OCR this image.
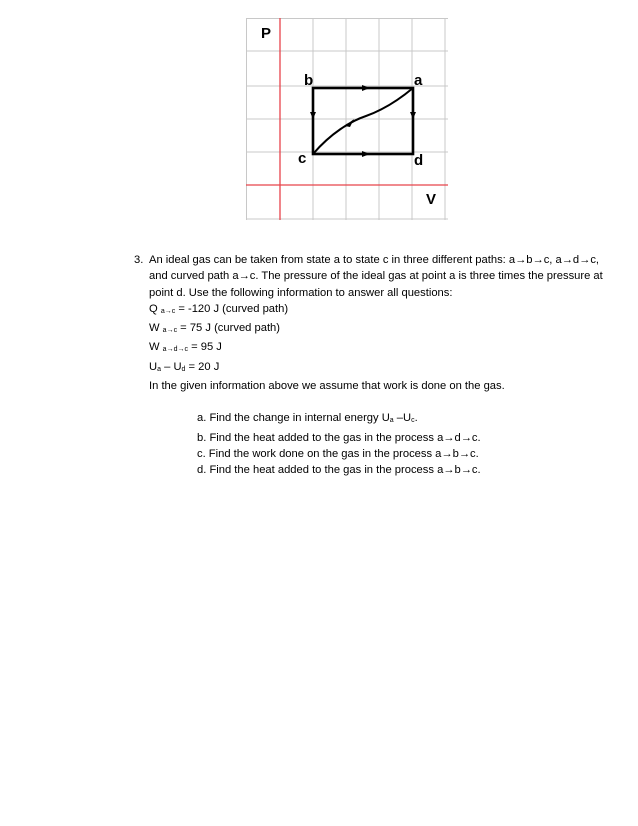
P
V
a
b
c	d
3. An ideal gas can be taken from state a to state c in three different paths: a→b→c, a→d→c, and curved path a→c. The pressure of the ideal gas at point a is three times the pressure at point d. Use the following information to answer all questions:

Q $_{a\to c}$ = -120 J (curved path)
W $_{a\to c}$ = 75 J (curved path)
W $_{a\to d\to c}$ = 95 J
$U_a - U_d = 20$ J

In the given information above we assume that work is done on the gas.

a. Find the change in internal energy $U_a$ $-U_c$.
b. Find the heat added to the gas in the process a→d→c.
c. Find the work done on the gas in the process a→b→c.
d. Find the heat added to the gas in the process a→b→c.
